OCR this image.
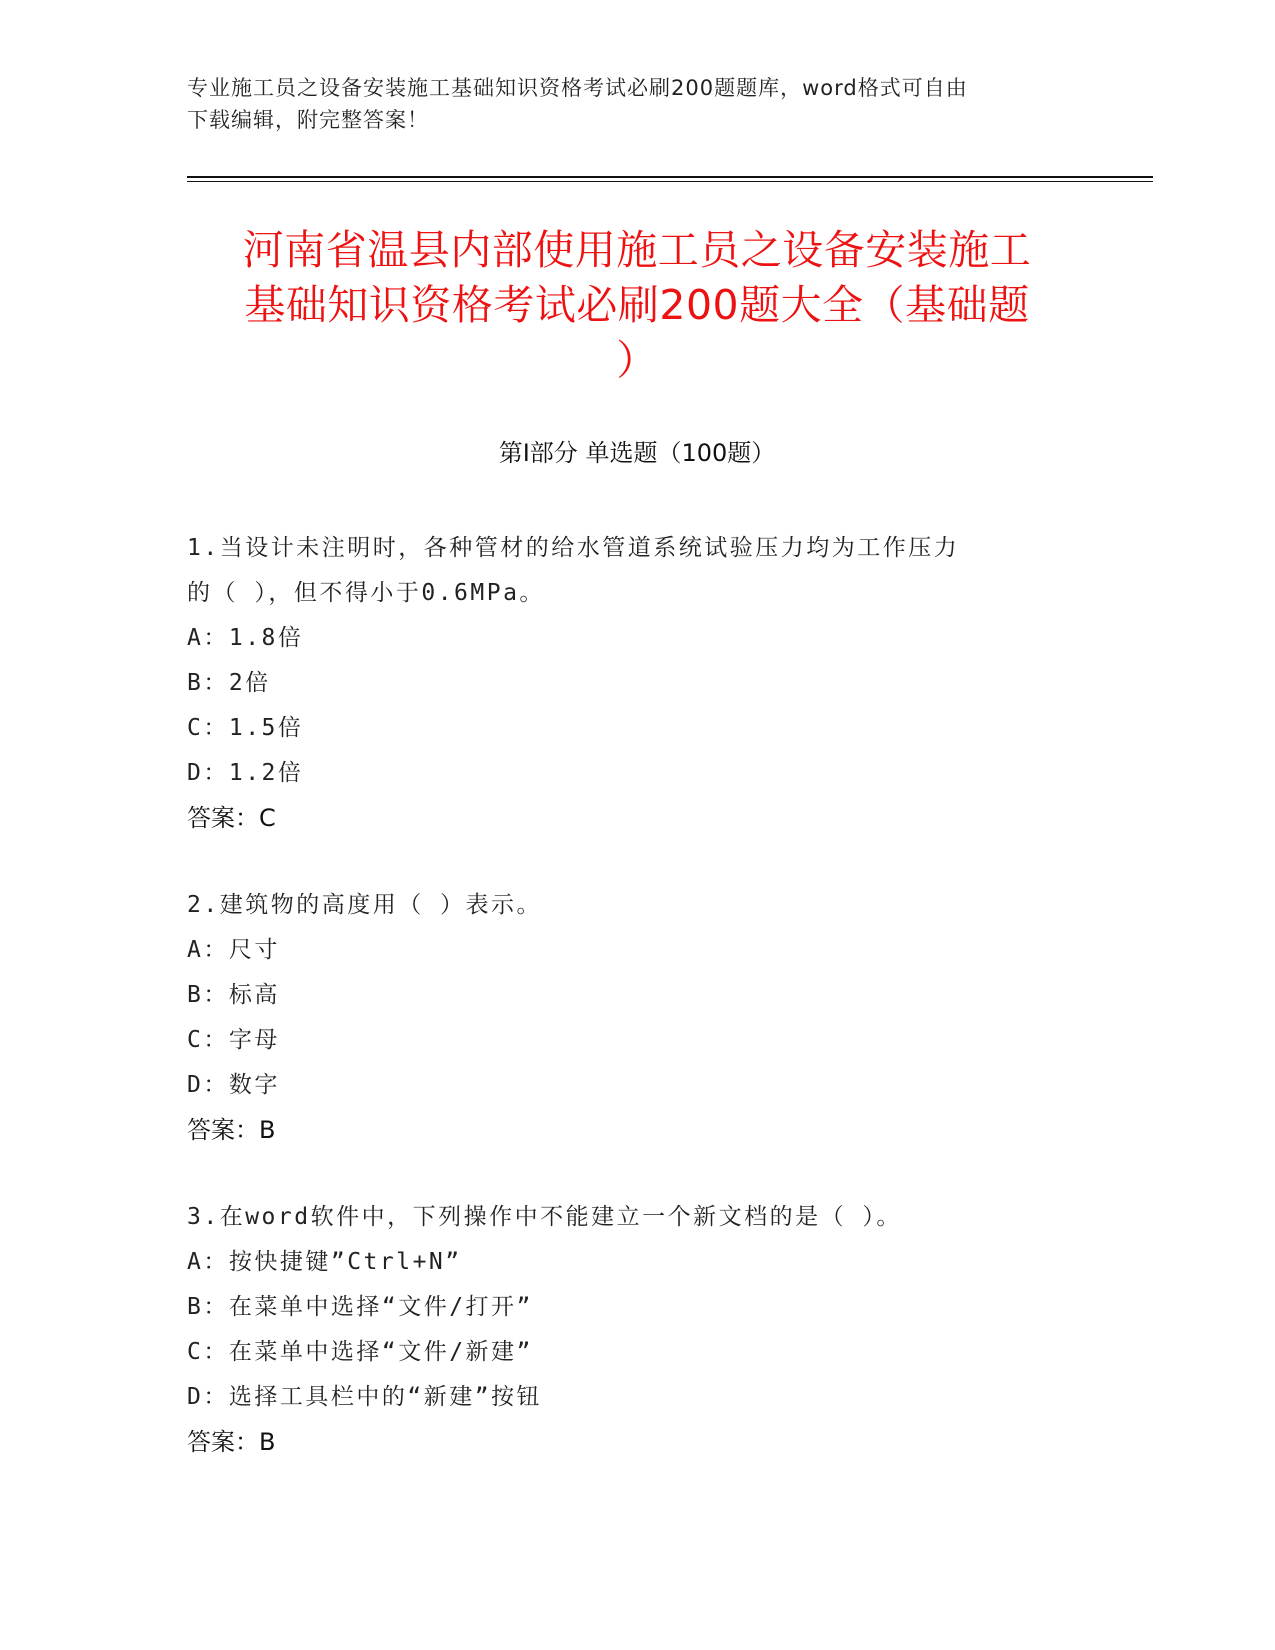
专业施工员之设备安装施工基础知识资格考试必刷200题题库，word格式可自由
下载编辑，附完整答案！
河南省温县内部使用施工员之设备安装施工
基础知识资格考试必刷200题大全（基础题
）
第Ⅰ部分 单选题（100题）
1.当设计未注明时，各种管材的给水管道系统试验压力均为工作压力
的（ ），但不得小于0.6MPa。
A：1.8倍
B：2倍
C：1.5倍
D：1.2倍
答案：C
2.建筑物的高度用（ ）表示。
A：尺寸
B：标高
C：字母
D：数字
答案：B
3.在word软件中，下列操作中不能建立一个新文档的是（ ）。
A：按快捷键”Ctrl+N”
B：在菜单中选择“文件/打开”
C：在菜单中选择“文件/新建”
D：选择工具栏中的“新建”按钮
答案：B
